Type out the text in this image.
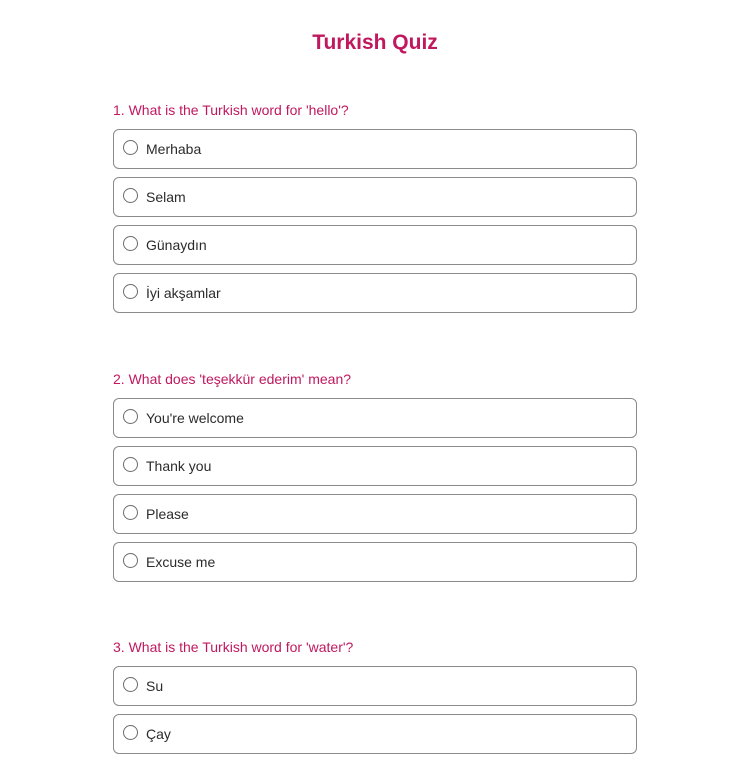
Turkish Quiz
1. What is the Turkish word for 'hello'?
Merhaba
Selam
Günaydın
İyi akşamlar
2. What does 'teşekkür ederim' mean?
You're welcome
Thank you
Please
Excuse me
3. What is the Turkish word for 'water'?
Su
Çay
